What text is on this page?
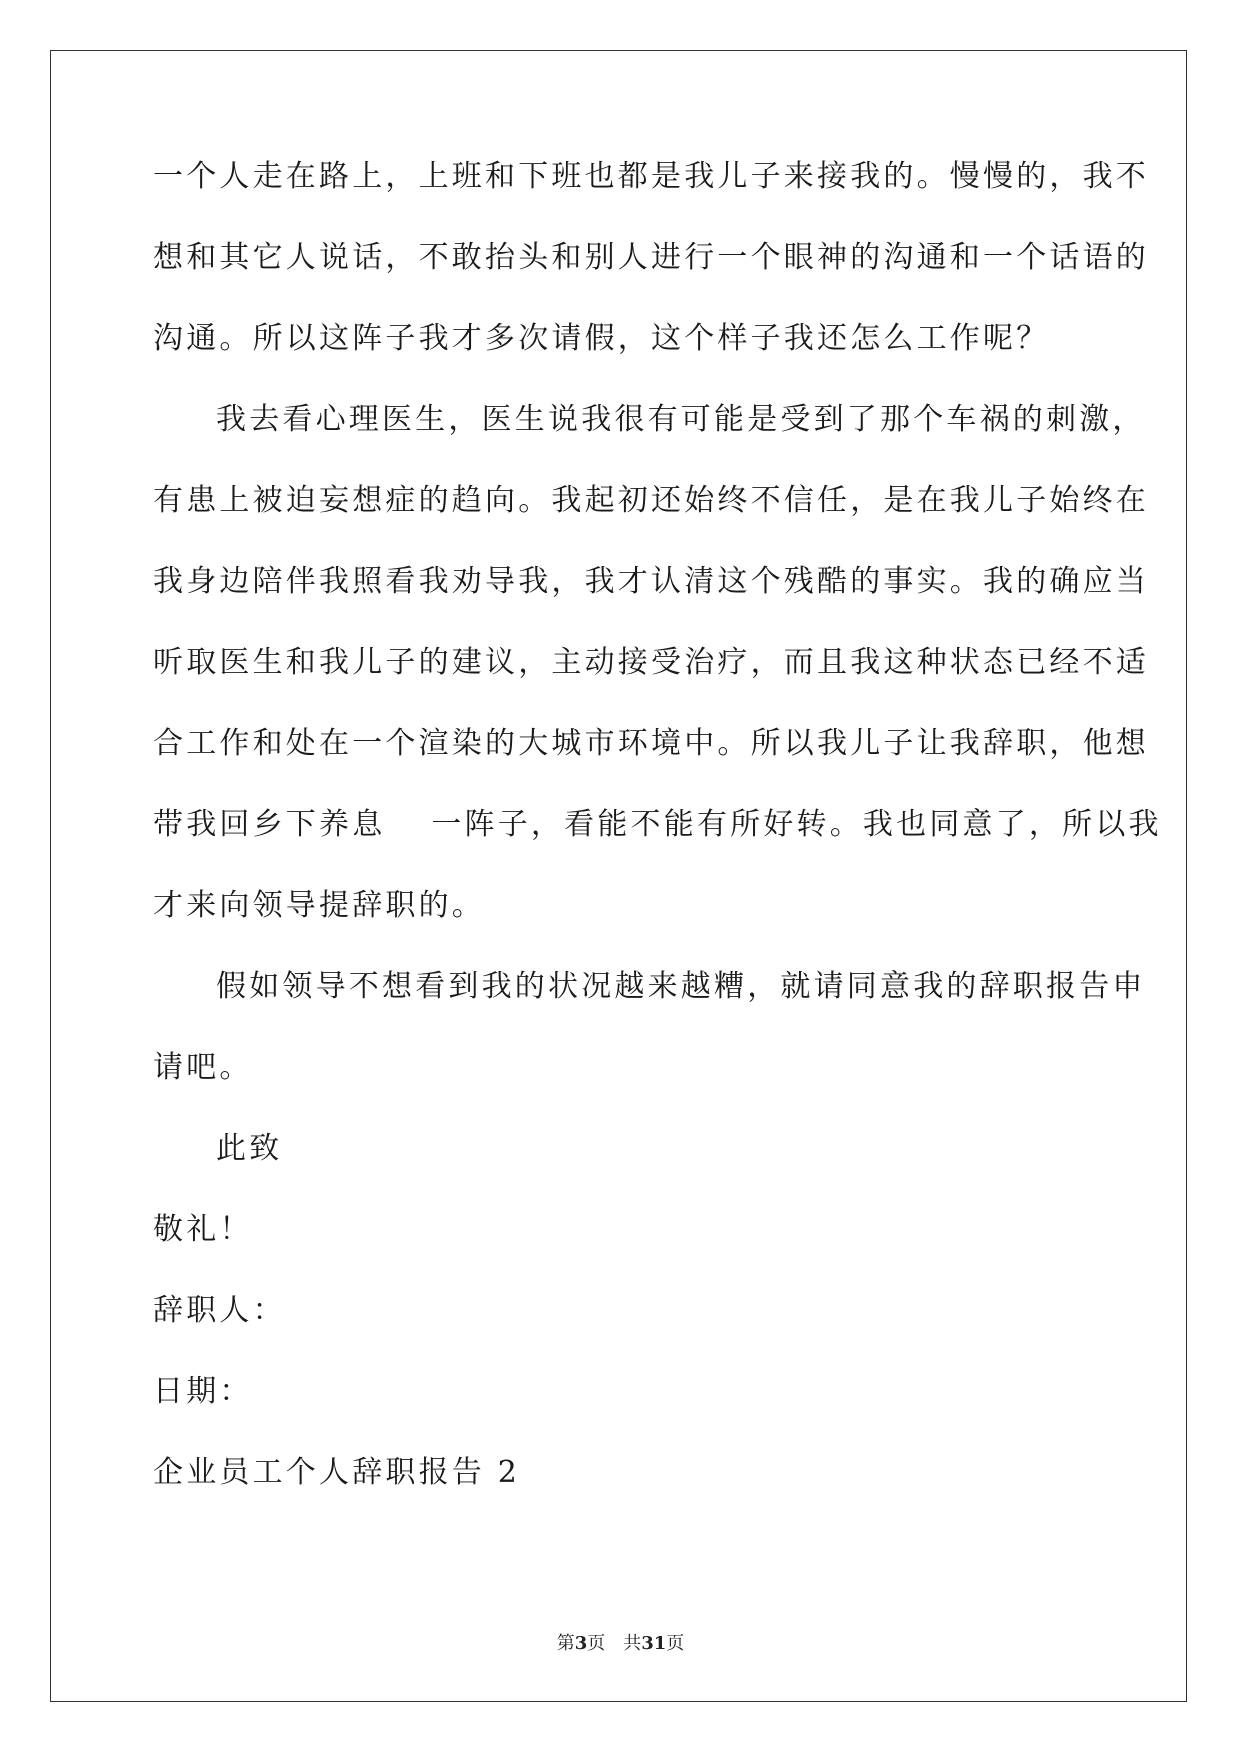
一个人走在路上，上班和下班也都是我儿子来接我的。慢慢的，我不
想和其它人说话，不敢抬头和别人进行一个眼神的沟通和一个话语的
沟通。所以这阵子我才多次请假，这个样子我还怎么工作呢？
我去看心理医生，医生说我很有可能是受到了那个车祸的刺激，
有患上被迫妄想症的趋向。我起初还始终不信任，是在我儿子始终在
我身边陪伴我照看我劝导我，我才认清这个残酷的事实。我的确应当
听取医生和我儿子的建议，主动接受治疗，而且我这种状态已经不适
合工作和处在一个渲染的大城市环境中。所以我儿子让我辞职，他想
带我回乡下养息　 一阵子，看能不能有所好转。我也同意了，所以我
才来向领导提辞职的。
假如领导不想看到我的状况越来越糟，就请同意我的辞职报告申
请吧。
此致
敬礼！
辞职人：
日期：
企业员工个人辞职报告 2
第3页 共31页
